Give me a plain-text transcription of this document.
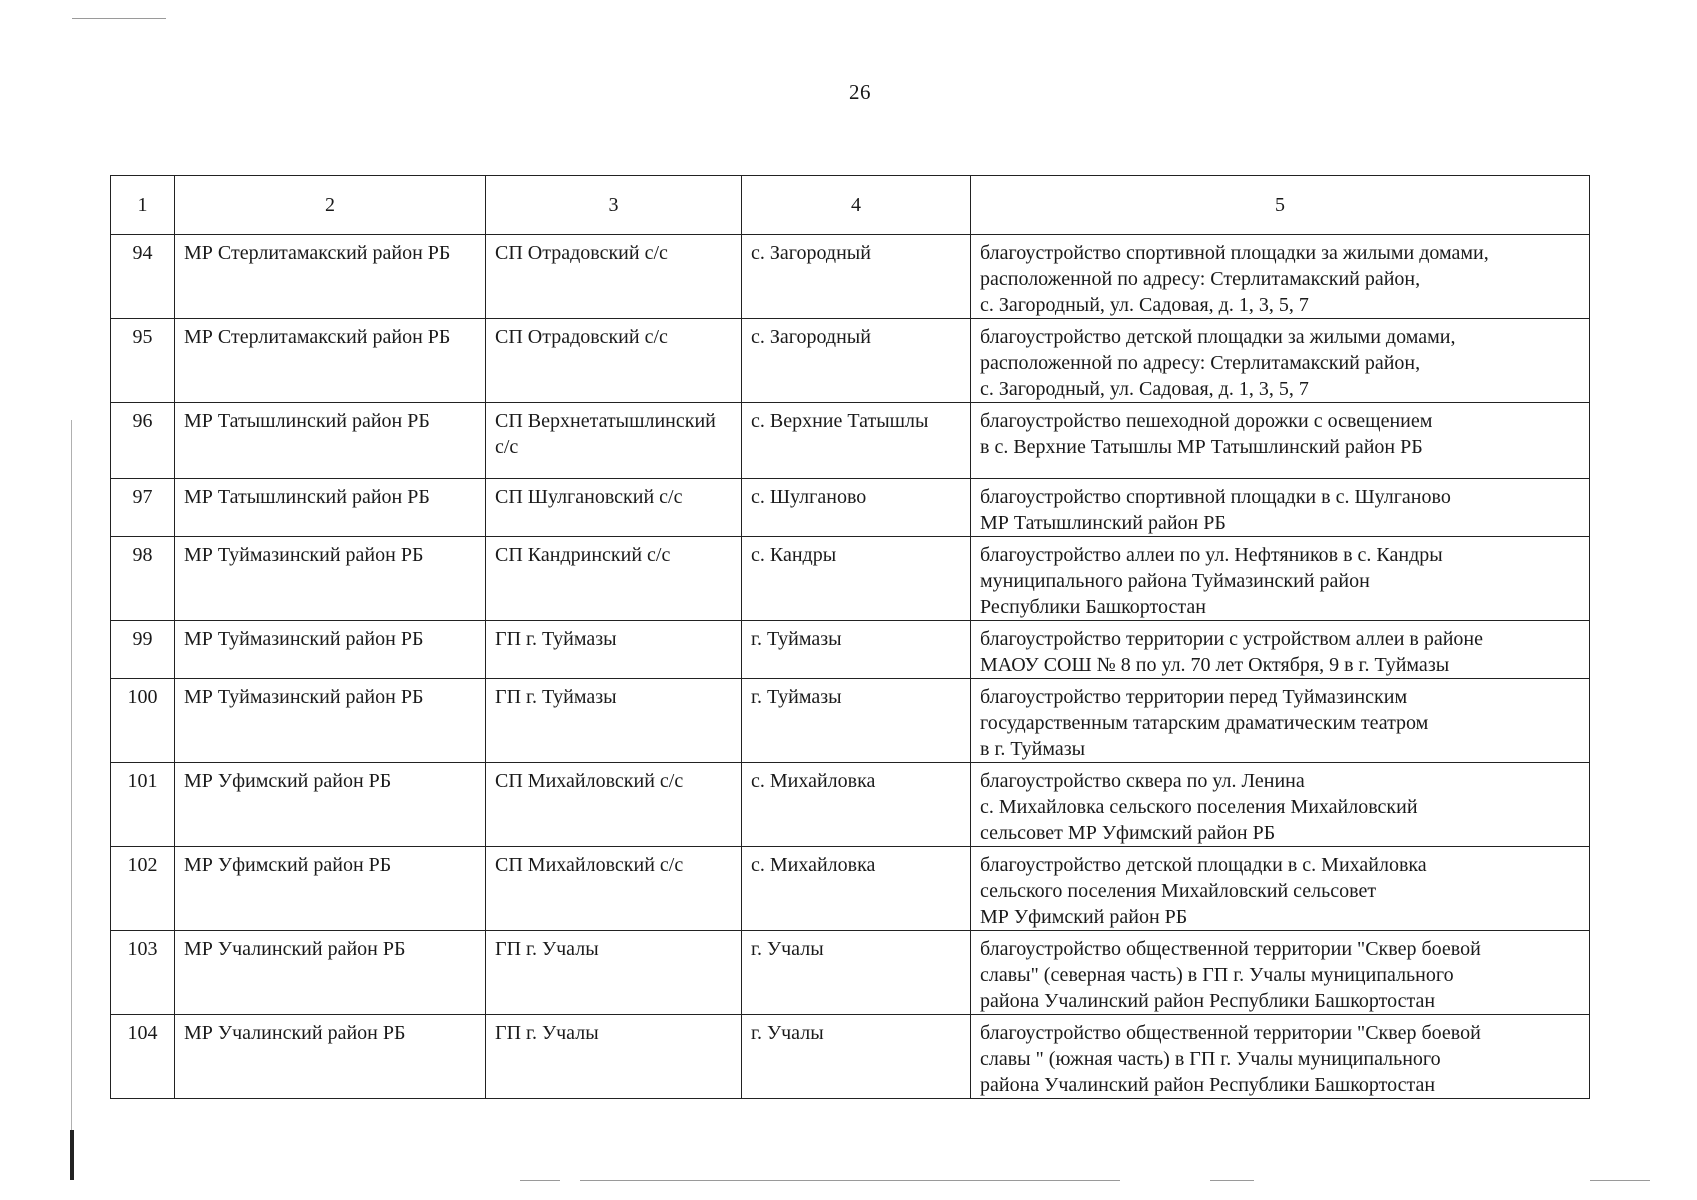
26
1	2	3	4	5
94	МР Стерлитамакский район РБ	СП Отрадовский с/с	с. Загородный	благоустройство спортивной площадки за жилыми домами,
расположенной по адресу: Стерлитамакский район,
с. Загородный, ул. Садовая, д. 1, 3, 5, 7
95	МР Стерлитамакский район РБ	СП Отрадовский с/с	с. Загородный	благоустройство детской площадки за жилыми домами,
расположенной по адресу: Стерлитамакский район,
с. Загородный, ул. Садовая, д. 1, 3, 5, 7
96	МР Татышлинский район РБ	СП Верхнетатышлинский с/с	с. Верхние Татышлы	благоустройство пешеходной дорожки с освещением
в с. Верхние Татышлы МР Татышлинский район РБ
97	МР Татышлинский район РБ	СП Шулгановский с/с	с. Шулганово	благоустройство спортивной площадки в с. Шулганово
МР Татышлинский район РБ
98	МР Туймазинский район РБ	СП Кандринский с/с	с. Кандры	благоустройство аллеи по ул. Нефтяников в с. Кандры
муниципального района Туймазинский район
Республики Башкортостан
99	МР Туймазинский район РБ	ГП г. Туймазы	г. Туймазы	благоустройство территории с устройством аллеи в районе
МАОУ СОШ № 8 по ул. 70 лет Октября, 9 в г. Туймазы
100	МР Туймазинский район РБ	ГП г. Туймазы	г. Туймазы	благоустройство территории перед Туймазинским
государственным татарским драматическим театром
в г. Туймазы
101	МР Уфимский район РБ	СП Михайловский с/с	с. Михайловка	благоустройство сквера по ул. Ленина
с. Михайловка сельского поселения Михайловский
сельсовет МР Уфимский район РБ
102	МР Уфимский район РБ	СП Михайловский с/с	с. Михайловка	благоустройство детской площадки в с. Михайловка
сельского поселения Михайловский сельсовет
МР Уфимский район РБ
103	МР Учалинский район РБ	ГП г. Учалы	г. Учалы	благоустройство общественной территории "Сквер боевой
славы" (северная часть) в ГП г. Учалы муниципального
района Учалинский район Республики Башкортостан
104	МР Учалинский район РБ	ГП г. Учалы	г. Учалы	благоустройство общественной территории "Сквер боевой
славы " (южная часть) в ГП г. Учалы муниципального
района Учалинский район Республики Башкортостан
